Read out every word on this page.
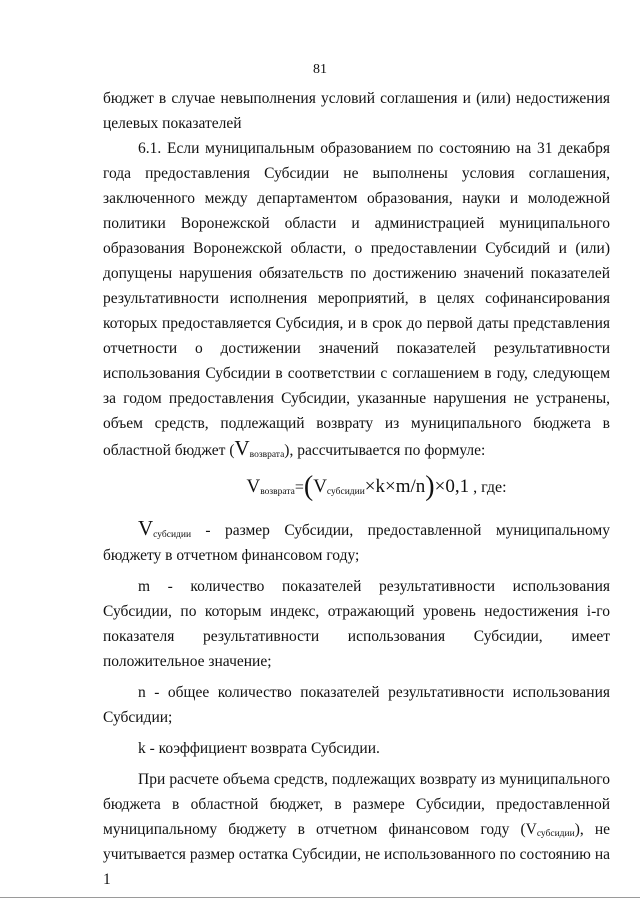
81

бюджет в случае невыполнения условий соглашения и (или) недостижения

целевых показателей

6.1. Если муниципальным образованием по состоянию на 31 декабря года предоставления Субсидии не выполнены условия соглашения, заключенного между департаментом образования, науки и молодежной политики Воронежской области и администрацией муниципального образования Воронежской области, о предоставлении Субсидий и (или) допущены нарушения обязательств по достижению значений показателей результативности исполнения мероприятий, в целях софинансирования которых предоставляется Субсидия, и в срок до первой даты представления отчетности о достижении значений показателей результативности использования Субсидии в соответствии с соглашением в году, следующем за годом предоставления Субсидии, указанные нарушения не устранены, объем средств, подлежащий возврату из муниципального бюджета в областной бюджет $(V_{возврата})$, рассчитывается по формуле:

$V_{возврата}=(V_{субсидии}\times k\times m/n)\times 0,1$ , где:

$V_{субсидии}$ - размер Субсидии, предоставленной муниципальному бюджету в отчетном финансовом году;

m - количество показателей результативности использования Субсидии, по которым индекс, отражающий уровень недостижения i-го показателя результативности использования Субсидии, имеет положительное значение;

n - общее количество показателей результативности использования Субсидии;

k - коэффициент возврата Субсидии.

При расчете объема средств, подлежащих возврату из муниципального бюджета в областной бюджет, в размере Субсидии, предоставленной муниципальному бюджету в отчетном финансовом году $(V_{субсидии})$, не учитывается размер остатка Субсидии, не использованного по состоянию на 1
